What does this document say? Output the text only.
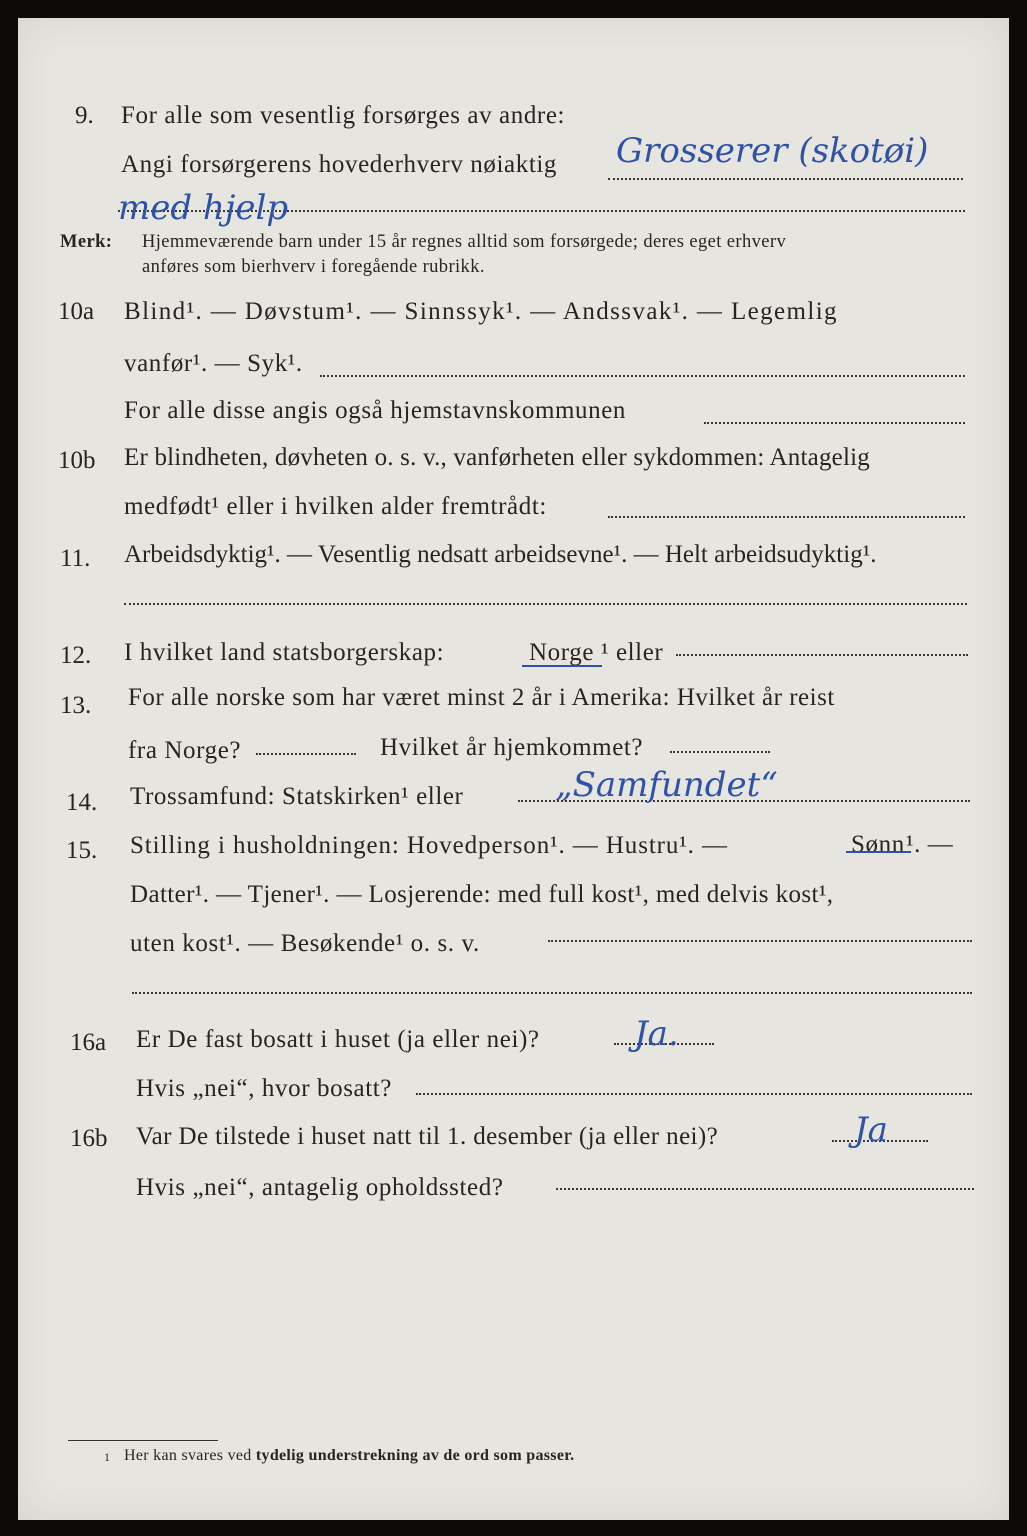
9. For alle som vesentlig forsørges av andre:
Angi forsørgerens hovederhverv nøiaktig Grosserer (skotøi)
med hjelp
Merk: Hjemmeværende barn under 15 år regnes alltid som forsørgede; deres eget erhverv
anføres som bierhverv i foregående rubrikk.
10a Blind¹. — Døvstum¹. — Sinnssyk¹. — Andssvak¹. — Legemlig
vanfør¹. — Syk¹.
For alle disse angis også hjemstavnskommunen
10b Er blindheten, døvheten o. s. v., vanførheten eller sykdommen: Antagelig
medfødt¹ eller i hvilken alder fremtrådt:
11. Arbeidsdyktig¹. — Vesentlig nedsatt arbeidsevne¹. — Helt arbeidsudyktig¹.
12. I hvilket land statsborgerskap:	Norge ¹ eller
13. For alle norske som har været minst 2 år i Amerika: Hvilket år reist
fra Norge?	Hvilket år hjemkommet?
14. Trossamfund: Statskirken¹ eller	„Samfundet“
15. Stilling i husholdningen: Hovedperson¹. — Hustru¹. —	Sønn ¹. —
Datter¹. — Tjener¹. — Losjerende: med full kost¹, med delvis kost¹,
uten kost¹. — Besøkende¹ o. s. v.
16a Er De fast bosatt i huset (ja eller nei)?	Ja.
Hvis „nei“, hvor bosatt?
16b Var De tilstede i huset natt til 1. desember (ja eller nei)?	Ja
Hvis „nei“, antagelig opholdssted?
1 Her kan svares ved tydelig understrekning av de ord som passer.
